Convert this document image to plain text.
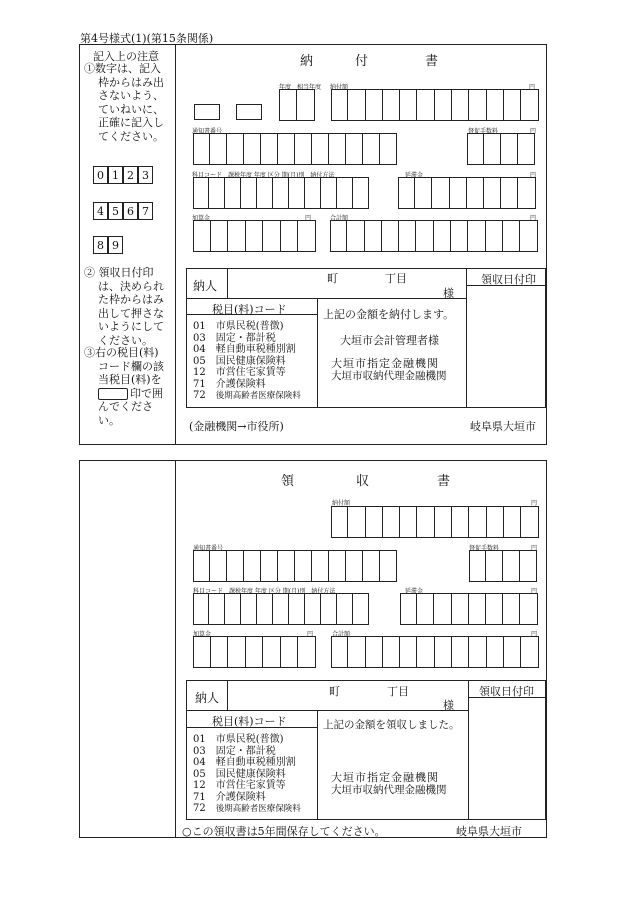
第4号様式(1)(第15条関係)
記入上の注意
①数字は、記入
枠からはみ出
さないよう、
ていねいに、
正確に記入し
てください。
0 1 2 3
4 5 6 7
8 9
② 領収日付印
は、決められ
た枠からはみ
出して押さな
いようにして
ください。
③右の税目(料)
コード欄の該
当税目(料)を
印で囲
んでくださ
い。
納	付	書
年度 相当年度 納付額	円
通知書番号	督促手数料	円
科目コード　課税年度 年度 区分 期(月)別　納付方法	延滞金	円
加算金	円	合計額	円
納人
町	丁目
様
領収日付印
税目(料)コード
01　 市県民税(普徴)
03　 固定・都計税
04　 軽自動車税種別割
05　 国民健康保険料
12　 市営住宅家賃等
71　 介護保険料
72　 後期高齢者医療保険料
上記の金額を納付します。
大垣市会計管理者様
大垣市指定金融機関
大垣市収納代理金融機関
(金融機関→市役所)	岐阜県大垣市
領	収	書
納付額	円
通知書番号	督促手数料	円
科目コード　課税年度 年度 区分 期(月)別　納付方法	延滞金	円
加算金	円	合計額	円
納人	町	丁目
様
領収日付印
税目(料)コード
01　 市県民税(普徴)
03　 固定・都計税
04　 軽自動車税種別割
05　 国民健康保険料
12　 市営住宅家賃等
71　 介護保険料
72　 後期高齢者医療保険料
上記の金額を領収しました。
大垣市指定金融機関
大垣市収納代理金融機関
○この領収書は5年間保存してください。	岐阜県大垣市
